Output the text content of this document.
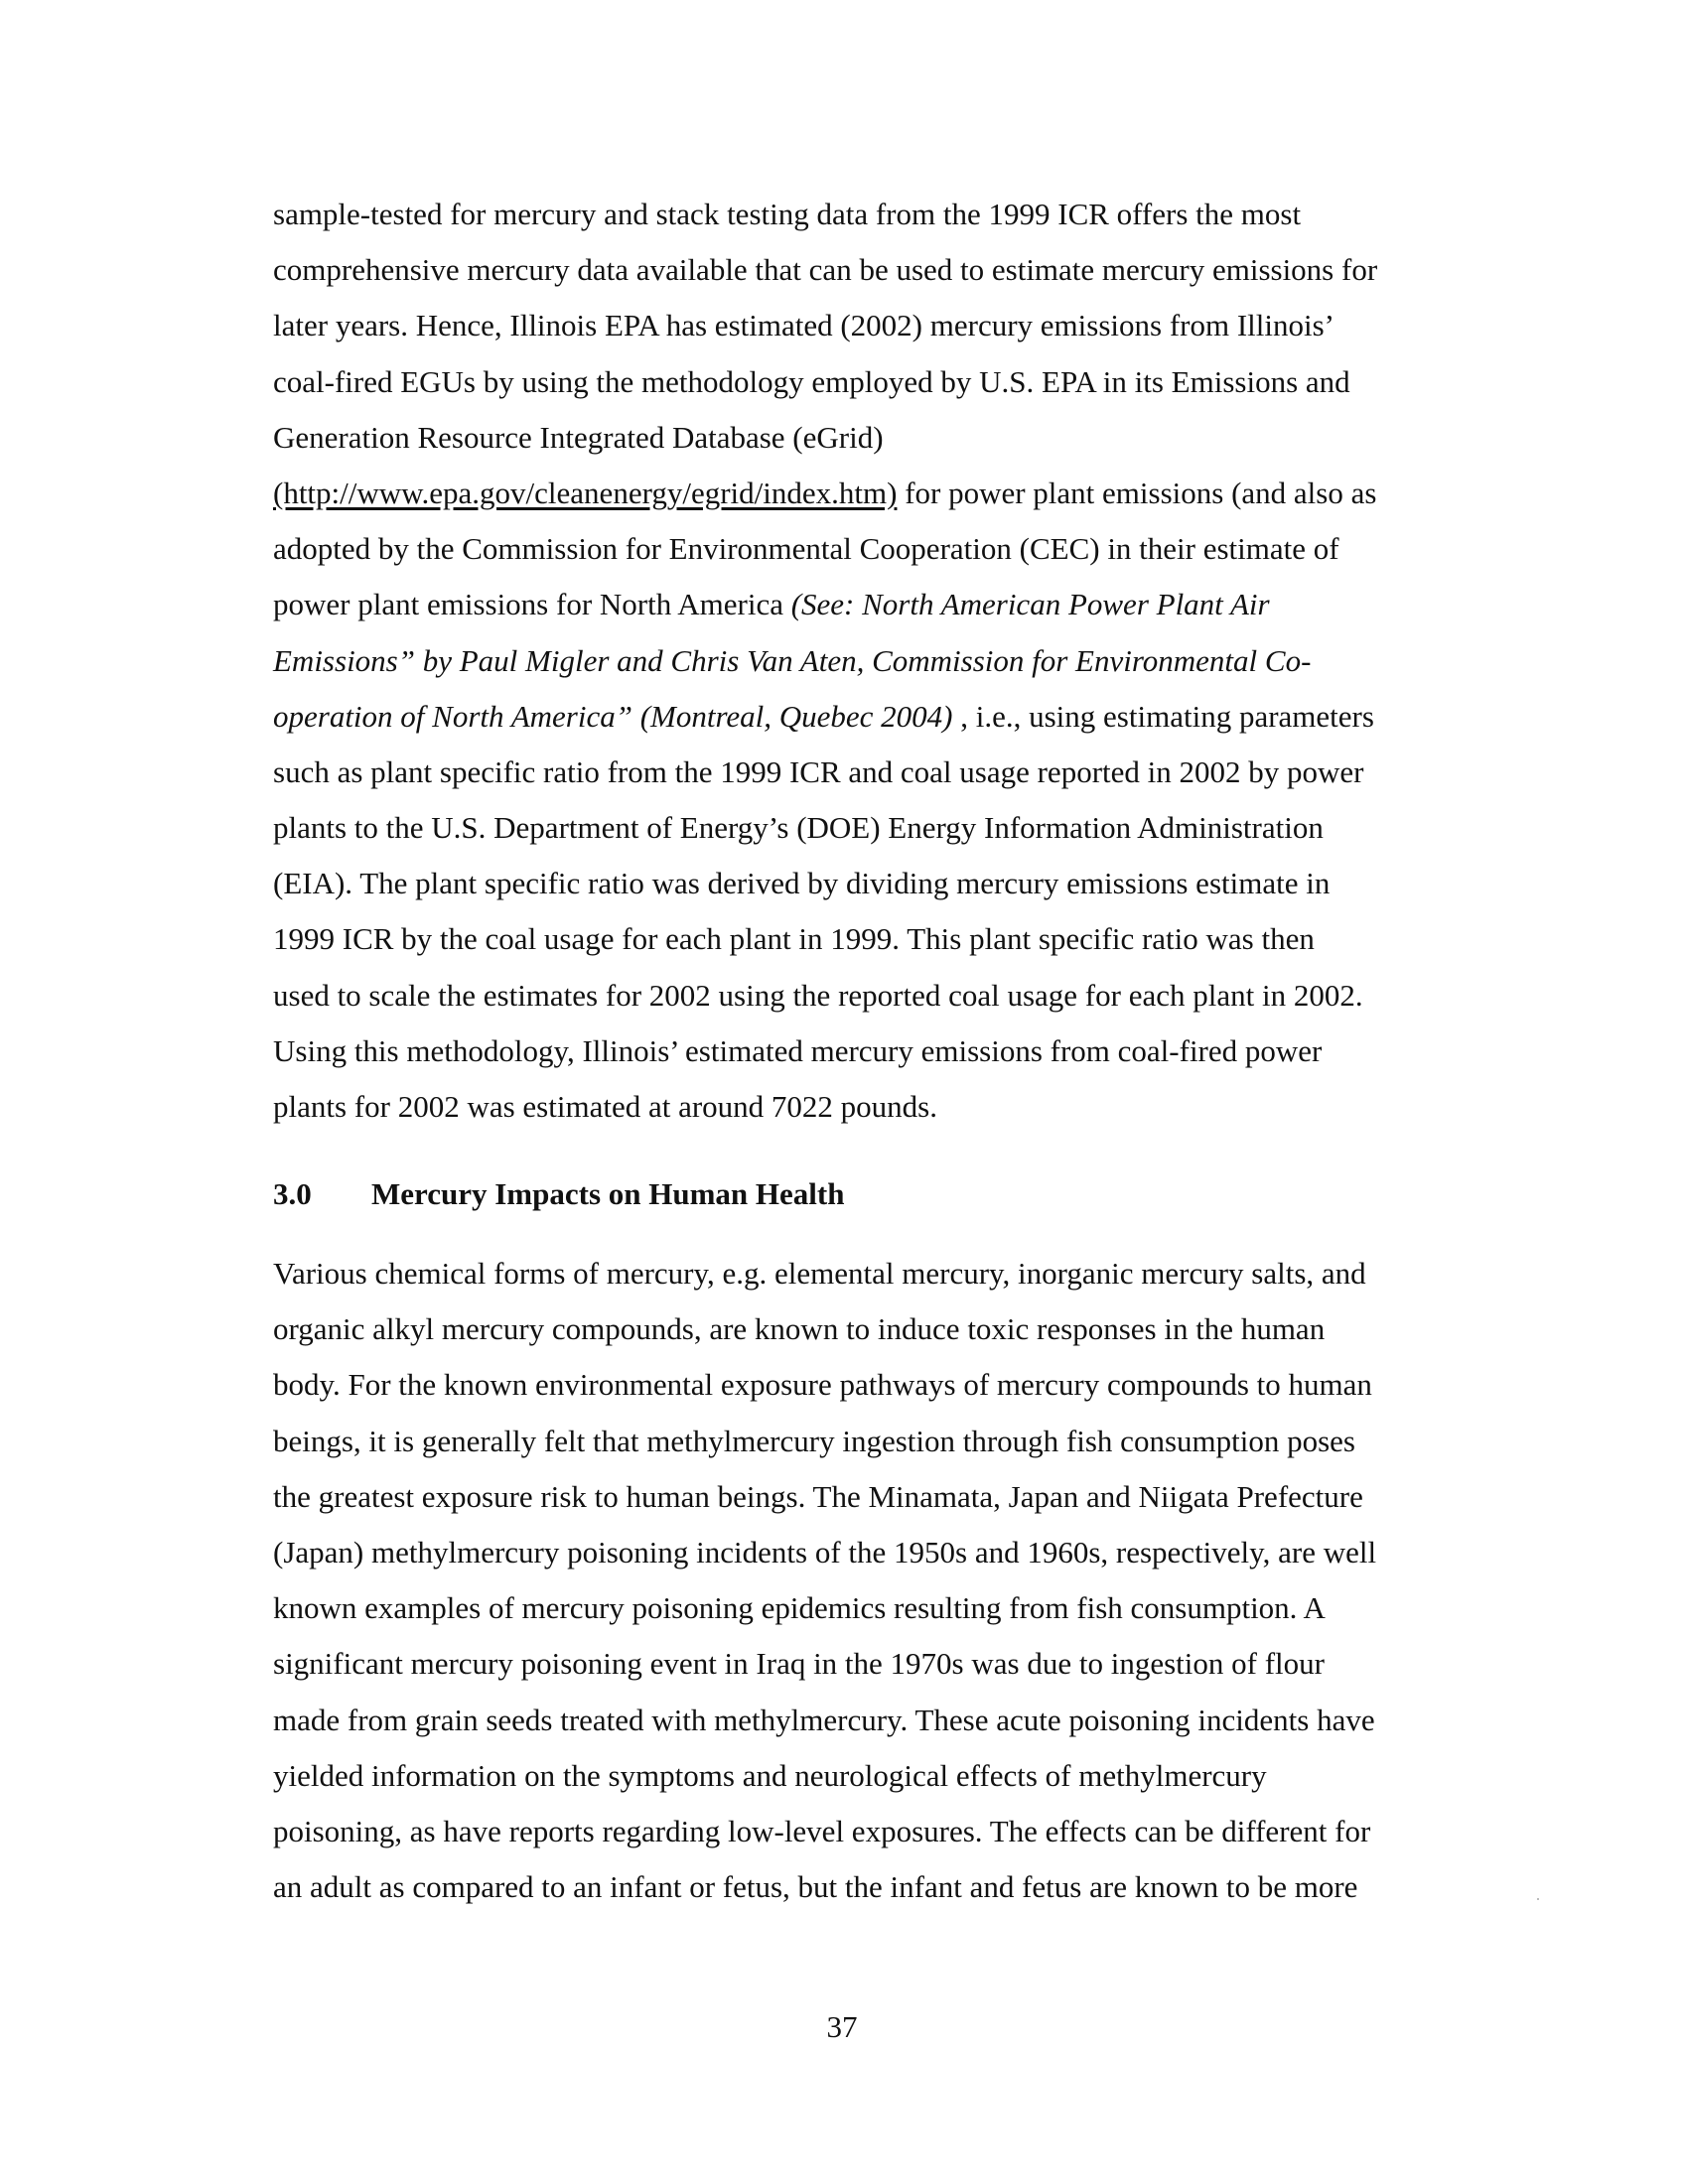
sample-tested for mercury and stack testing data from the 1999 ICR offers the most
comprehensive mercury data available that can be used to estimate mercury emissions for
later years. Hence, Illinois EPA has estimated (2002) mercury emissions from Illinois’
coal-fired EGUs by using the methodology employed by U.S. EPA in its Emissions and
Generation Resource Integrated Database (eGrid)
(http://www.epa.gov/cleanenergy/egrid/index.htm) for power plant emissions (and also as
adopted by the Commission for Environmental Cooperation (CEC) in their estimate of
power plant emissions for North America (See: North American Power Plant Air
Emissions” by Paul Migler and Chris Van Aten, Commission for Environmental Co-
operation of North America” (Montreal, Quebec 2004) , i.e., using estimating parameters
such as plant specific ratio from the 1999 ICR and coal usage reported in 2002 by power
plants to the U.S. Department of Energy’s (DOE) Energy Information Administration
(EIA). The plant specific ratio was derived by dividing mercury emissions estimate in
1999 ICR by the coal usage for each plant in 1999. This plant specific ratio was then
used to scale the estimates for 2002 using the reported coal usage for each plant in 2002.
Using this methodology, Illinois’ estimated mercury emissions from coal-fired power
plants for 2002 was estimated at around 7022 pounds.
3.0 Mercury Impacts on Human Health
Various chemical forms of mercury, e.g. elemental mercury, inorganic mercury salts, and
organic alkyl mercury compounds, are known to induce toxic responses in the human
body. For the known environmental exposure pathways of mercury compounds to human
beings, it is generally felt that methylmercury ingestion through fish consumption poses
the greatest exposure risk to human beings. The Minamata, Japan and Niigata Prefecture
(Japan) methylmercury poisoning incidents of the 1950s and 1960s, respectively, are well
known examples of mercury poisoning epidemics resulting from fish consumption. A
significant mercury poisoning event in Iraq in the 1970s was due to ingestion of flour
made from grain seeds treated with methylmercury. These acute poisoning incidents have
yielded information on the symptoms and neurological effects of methylmercury
poisoning, as have reports regarding low-level exposures. The effects can be different for
an adult as compared to an infant or fetus, but the infant and fetus are known to be more
37
